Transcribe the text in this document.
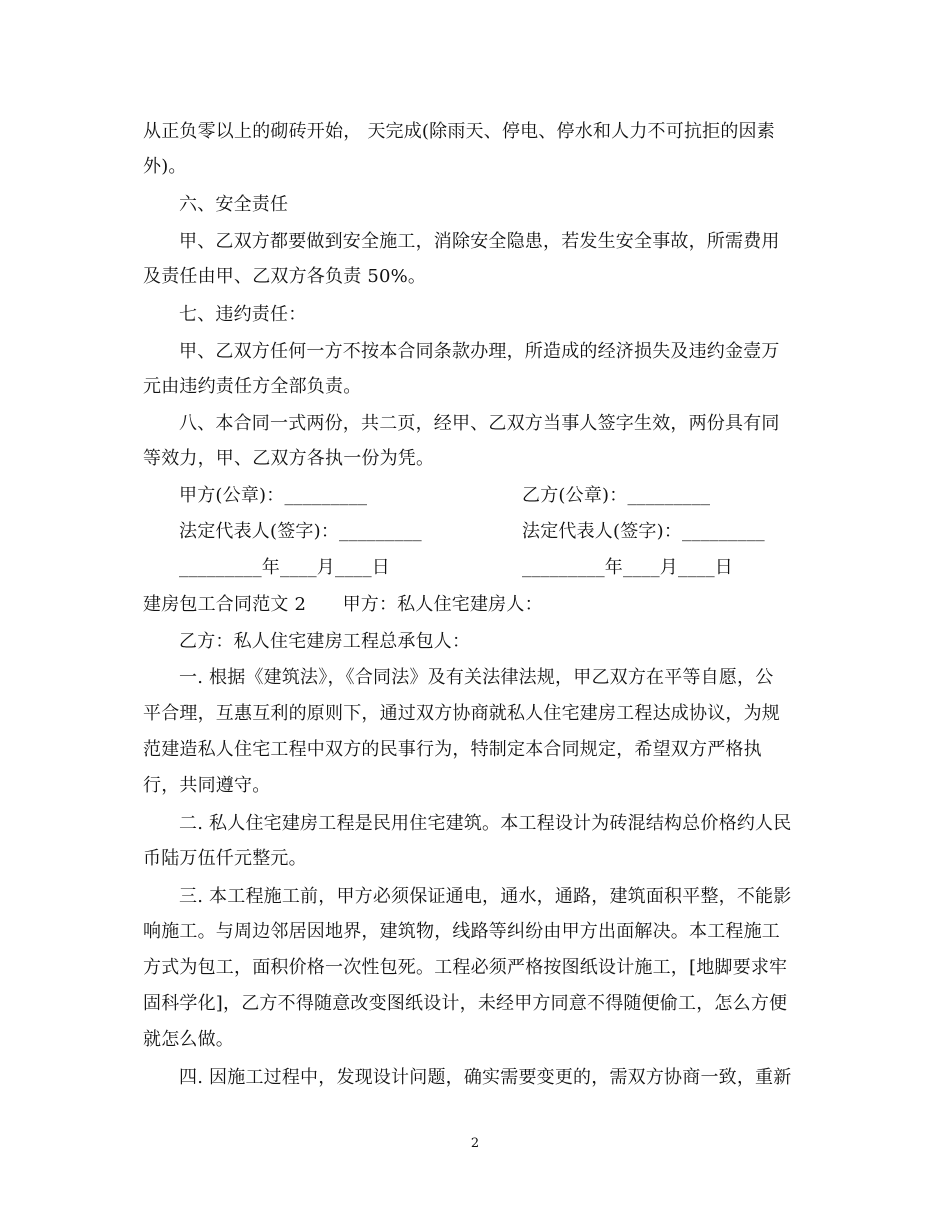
从正负零以上的砌砖开始， 天完成(除雨天、停电、停水和人力不可抗拒的因素
外)。
六、安全责任
甲、乙双方都要做到安全施工，消除安全隐患，若发生安全事故，所需费用
及责任由甲、乙双方各负责 50%。
七、违约责任：
甲、乙双方任何一方不按本合同条款办理，所造成的经济损失及违约金壹万
元由违约责任方全部负责。
八、本合同一式两份，共二页，经甲、乙双方当事人签字生效，两份具有同
等效力，甲、乙双方各执一份为凭。
甲方(公章)：_________	乙方(公章)：_________
法定代表人(签字)：_________	法定代表人(签字)：_________
_________年____月____日	_________年____月____日
建房包工合同范文 2　　甲方：私人住宅建房人：
乙方：私人住宅建房工程总承包人：
一. 根据《建筑法》，《合同法》及有关法律法规，甲乙双方在平等自愿，公
平合理，互惠互利的原则下，通过双方协商就私人住宅建房工程达成协议，为规
范建造私人住宅工程中双方的民事行为，特制定本合同规定，希望双方严格执
行，共同遵守。
二. 私人住宅建房工程是民用住宅建筑。本工程设计为砖混结构总价格约人民
币陆万伍仟元整元。
三. 本工程施工前，甲方必须保证通电，通水，通路，建筑面积平整，不能影
响施工。与周边邻居因地界，建筑物，线路等纠纷由甲方出面解决。本工程施工
方式为包工，面积价格一次性包死。工程必须严格按图纸设计施工，[地脚要求牢
固科学化]，乙方不得随意改变图纸设计，未经甲方同意不得随便偷工，怎么方便
就怎么做。
四. 因施工过程中，发现设计问题，确实需要变更的，需双方协商一致，重新
2
